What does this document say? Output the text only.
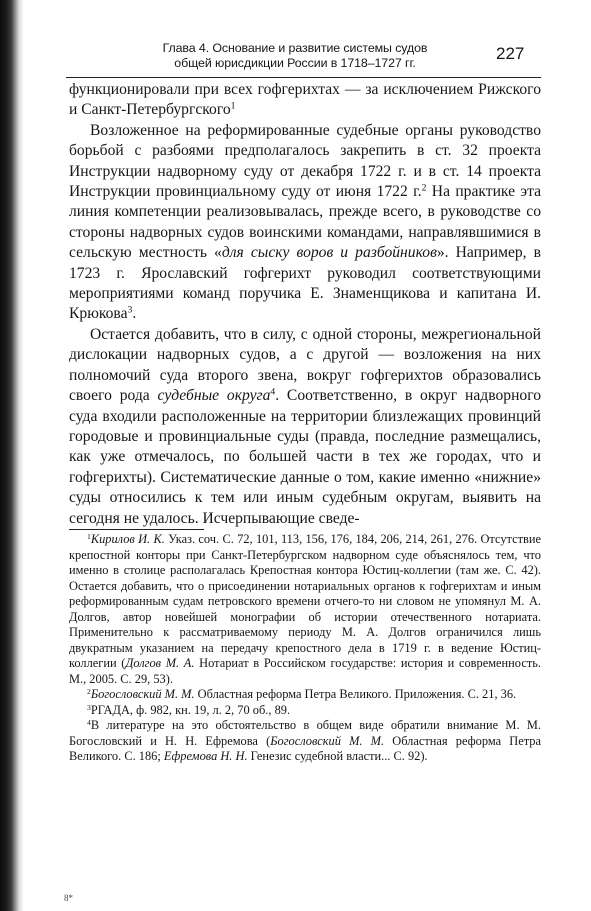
Глава 4. Основание и развитие системы судов
общей юрисдикции России в 1718–1727 гг.	227

функционировали при всех гофгерихтах — за исключением Рижского и Санкт-Петербургского$^1$

Возложенное на реформированные судебные органы руководство борьбой с разбоями предполагалось закрепить в ст. 32 проекта Инструкции надворному суду от декабря 1722 г. и в ст. 14 проекта Инструкции провинциальному суду от июня 1722 г.$^2$ На практике эта линия компетенции реализовывалась, прежде всего, в руководстве со стороны надворных судов воинскими командами, направлявшимися в сельскую местность «для сыску воров и разбойников». Например, в 1723 г. Ярославский гофгерихт руководил соответствующими мероприятиями команд поручика Е. Знаменщикова и капитана И. Крюкова$^3$.

Остается добавить, что в силу, с одной стороны, межрегиональной дислокации надворных судов, а с другой — возложения на них полномочий суда второго звена, вокруг гофгерихтов образовались своего рода судебные округа$^4$. Соответственно, в округ надворного суда входили расположенные на территории близлежащих провинций городовые и провинциальные суды (правда, последние размещались, как уже отмечалось, по большей части в тех же городах, что и гофгерихты). Систематические данные о том, какие именно «нижние» суды относились к тем или иным судебным округам, выявить на сегодня не удалось. Исчерпывающие сведе-

$^1$Кирилов И. К. Указ. соч. С. 72, 101, 113, 156, 176, 184, 206, 214, 261, 276. Отсутствие крепостной конторы при Санкт-Петербургском надворном суде объяснялось тем, что именно в столице располагалась Крепостная контора Юстиц-коллегии (там же. С. 42). Остается добавить, что о присоединении нотариальных органов к гофгерихтам и иным реформированным судам петровского времени отчего-то ни словом не упомянул М. А. Долгов, автор новейшей монографии об истории отечественного нотариата. Применительно к рассматриваемому периоду М. А. Долгов ограничился лишь двукратным указанием на передачу крепостного дела в 1719 г. в ведение Юстиц-коллегии (Долгов М. А. Нотариат в Российском государстве: история и современность. М., 2005. С. 29, 53).

$^2$Богословский М. М. Областная реформа Петра Великого. Приложения. С. 21, 36.

$^3$РГАДА, ф. 982, кн. 19, л. 2, 70 об., 89.

$^4$В литературе на это обстоятельство в общем виде обратили внимание М. М. Богословский и Н. Н. Ефремова (Богословский М. М. Областная реформа Петра Великого. С. 186; Ефремова Н. Н. Генезис судебной власти... С. 92).

8*
